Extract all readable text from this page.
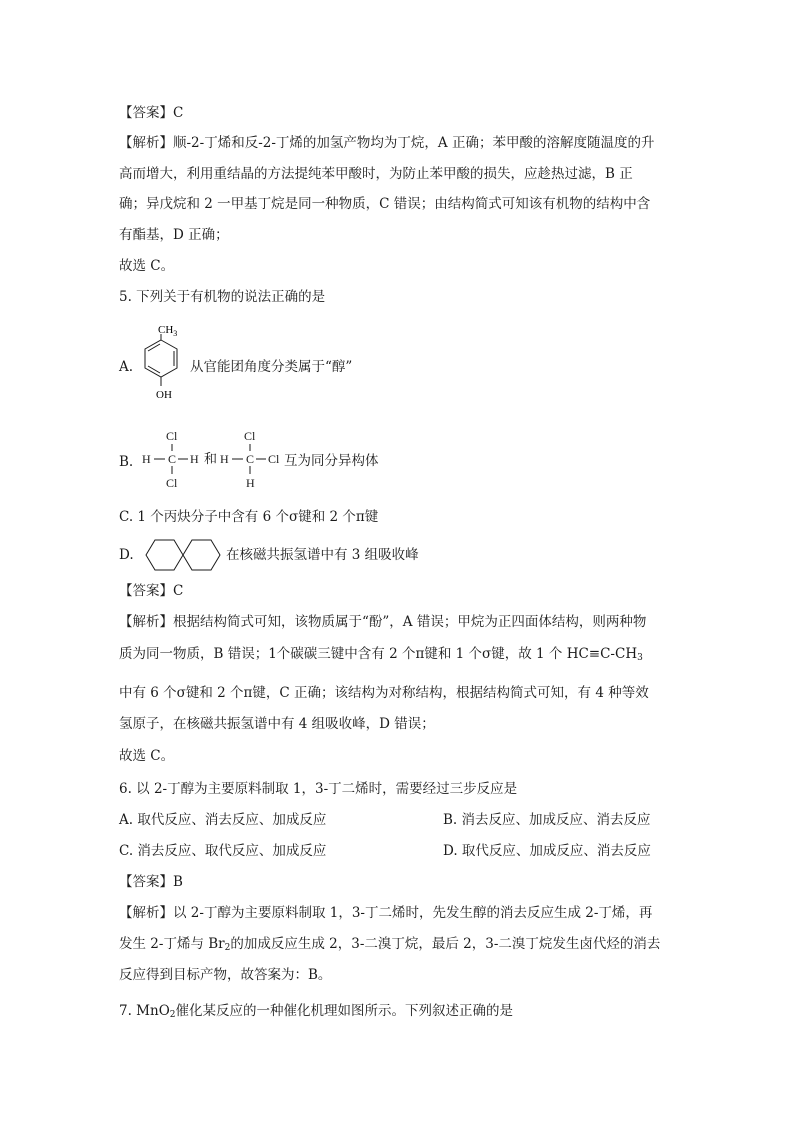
【答案】C
【解析】顺-2-丁烯和反-2-丁烯的加氢产物均为丁烷，A 正确；苯甲酸的溶解度随温度的升
高而增大，利用重结晶的方法提纯苯甲酸时，为防止苯甲酸的损失，应趁热过滤，B 正
确；异戊烷和 2 一甲基丁烷是同一种物质，C 错误；由结构简式可知该有机物的结构中含
有酯基，D 正确；
故选 C。
5. 下列关于有机物的说法正确的是
A.
$CH_3$
OH
从官能团角度分类属于“醇”
B.
Cl
H C H
Cl
和
Cl
H C Cl
H
互为同分异构体
C. 1 个丙炔分子中含有 6 个σ键和 2 个π键
D.	在核磁共振氢谱中有 3 组吸收峰
【答案】C
【解析】根据结构简式可知，该物质属于“酚”，A 错误；甲烷为正四面体结构，则两种物
质为同一物质，B 错误；1个碳碳三键中含有 2 个π键和 1 个σ键，故 1 个 $HC\equiv C-CH_3$
中有 6 个σ键和 2 个π键，C 正确；该结构为对称结构，根据结构简式可知，有 4 种等效
氢原子，在核磁共振氢谱中有 4 组吸收峰，D 错误；
故选 C。
6. 以 2-丁醇为主要原料制取 1，3-丁二烯时，需要经过三步反应是
A. 取代反应、消去反应、加成反应	B. 消去反应、加成反应、消去反应
C. 消去反应、取代反应、加成反应	D. 取代反应、加成反应、消去反应
【答案】B
【解析】以 2-丁醇为主要原料制取 1，3-丁二烯时，先发生醇的消去反应生成 2-丁烯，再
发生 2-丁烯与 $Br_2$的加成反应生成 2，3-二溴丁烷，最后 2，3-二溴丁烷发生卤代烃的消去
反应得到目标产物，故答案为：B。
7. MnO$_2$催化某反应的一种催化机理如图所示。下列叙述正确的是
